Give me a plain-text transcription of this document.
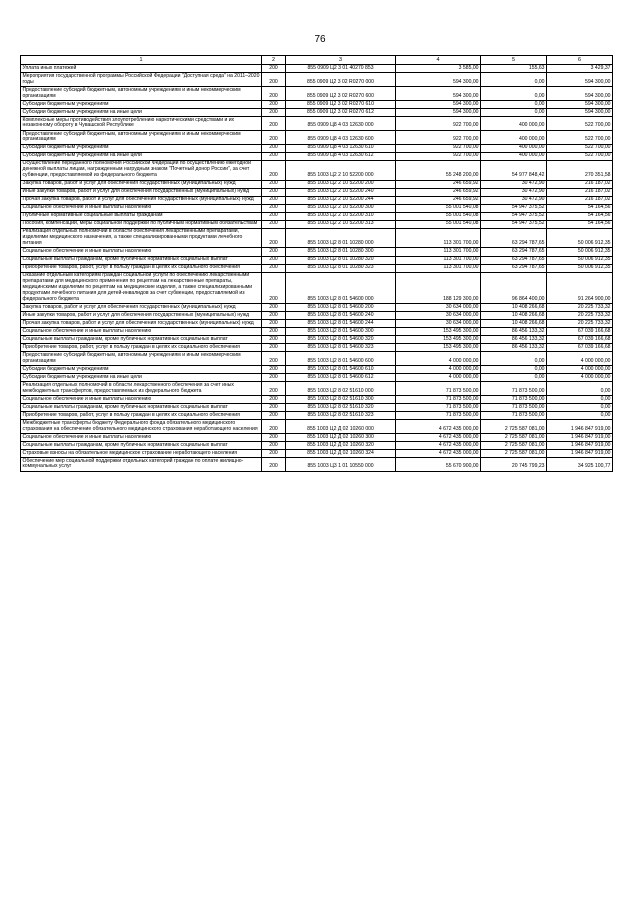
76
1	2	3	4	5	6
Уплата иных платежей	200	855 0909 Ц2 3 01 40270 853	3 585,00	155,63	3 429,37
Мероприятия государственной программы Российской Федерации "Доступная среда" на 2011–2020 годы	200	855 0909 Ц2 3 02 R0270 000	594 300,00	0,00	594 300,00
Предоставление субсидий бюджетным, автономным учреждениям и иным некоммерческим организациям	200	855 0909 Ц2 3 02 R0270 600	594 300,00	0,00	594 300,00
Субсидии бюджетным учреждениям	200	855 0909 Ц2 3 02 R0270 610	594 300,00	0,00	594 300,00
Субсидии бюджетным учреждениям на иные цели	200	855 0909 Ц2 3 02 R0270 612	594 300,00	0,00	594 300,00
Комплексные меры противодействия злоупотреблению наркотическими средствами и их незаконному обороту в Чувашской Республике	200	855 0909 Ц8 4 03 12630 000	922 700,00	400 000,00	522 700,00
Предоставление субсидий бюджетным, автономным учреждениям и иным некоммерческим организациям	200	855 0909 Ц8 4 03 12630 600	922 700,00	400 000,00	522 700,00
Субсидии бюджетным учреждениям	200	855 0909 Ц8 4 03 12630 610	922 700,00	400 000,00	522 700,00
Субсидии бюджетным учреждениям на иные цели	200	855 0909 Ц8 4 03 12630 612	922 700,00	400 000,00	522 700,00
Осуществление переданного полномочия Российской Федерации по осуществлению ежегодной денежной выплаты лицам, награжденным нагрудным знаком "Почетный донор России", за счет субвенции, предоставляемой из федерального бюджета	200	855 1003 Ц2 2 10 52200 000	55 248 200,00	54 977 848,42	270 351,58
Закупка товаров, работ и услуг для обеспечения государственных (муниципальных) нужд	200	855 1003 Ц2 2 10 52200 200	246 659,92	30 472,90	216 187,02
Иные закупки товаров, работ и услуг для обеспечения государственных (муниципальных) нужд	200	855 1003 Ц2 2 10 52200 240	246 659,92	30 472,90	216 187,02
Прочая закупка товаров, работ и услуг для обеспечения государственных (муниципальных) нужд	200	855 1003 Ц2 2 10 52200 244	246 659,92	30 472,90	216 187,02
Социальное обеспечение и иные выплаты населению	200	855 1003 Ц2 2 10 52200 300	55 001 540,08	54 947 375,52	54 164,56
Публичные нормативные социальные выплаты гражданам	200	855 1003 Ц2 2 10 52200 310	55 001 540,08	54 947 375,52	54 164,56
Пособия, компенсации, меры социальной поддержки по публичным нормативным обязательствам	200	855 1003 Ц2 2 10 52200 313	55 001 540,08	54 947 375,52	54 164,56
Реализация отдельных полномочий в области обеспечения лекарственными препаратами, изделиями медицинского назначения, а также специализированными продуктами лечебного питания	200	855 1003 Ц2 8 01 10280 000	113 301 700,00	63 294 787,65	50 006 912,35
Социальное обеспечение и иные выплаты населению	200	855 1003 Ц2 8 01 10280 300	113 301 700,00	63 294 787,65	50 006 912,35
Социальные выплаты гражданам, кроме публичных нормативных социальных выплат	200	855 1003 Ц2 8 01 10280 320	113 301 700,00	63 294 787,65	50 006 912,35
Приобретение товаров, работ, услуг в пользу граждан в целях их социального обеспечения	200	855 1003 Ц2 8 01 10280 323	113 301 700,00	63 294 787,65	50 006 912,35
Оказание отдельным категориям граждан социальной услуги по обеспечению лекарственными препаратами для медицинского применения по рецептам на лекарственные препараты, медицинскими изделиями по рецептам на медицинские изделия, а также специализированными продуктами лечебного питания для детей-инвалидов за счет субвенции, предоставляемой из федерального бюджета	200	855 1003 Ц2 8 01 54600 000	188 129 300,00	96 864 400,00	91 264 900,00
Закупка товаров, работ и услуг для обеспечения государственных (муниципальных) нужд	200	855 1003 Ц2 8 01 54600 200	30 634 000,00	10 408 266,68	20 225 733,32
Иные закупки товаров, работ и услуг для обеспечения государственных (муниципальных) нужд	200	855 1003 Ц2 8 01 54600 240	30 634 000,00	10 408 266,68	20 225 733,32
Прочая закупка товаров, работ и услуг для обеспечения государственных (муниципальных) нужд	200	855 1003 Ц2 8 01 54600 244	30 634 000,00	10 408 266,68	20 225 733,32
Социальное обеспечение и иные выплаты населению	200	855 1003 Ц2 8 01 54600 300	153 495 300,00	86 456 133,32	67 039 166,68
Социальные выплаты гражданам, кроме публичных нормативных социальных выплат	200	855 1003 Ц2 8 01 54600 320	153 495 300,00	86 456 133,32	67 039 166,68
Приобретение товаров, работ, услуг в пользу граждан в целях их социального обеспечения	200	855 1003 Ц2 8 01 54600 323	153 495 300,00	86 456 133,32	67 039 166,68
Предоставление субсидий бюджетным, автономным учреждениям и иным некоммерческим организациям	200	855 1003 Ц2 8 01 54600 600	4 000 000,00	0,00	4 000 000,00
Субсидии бюджетным учреждениям	200	855 1003 Ц2 8 01 54600 610	4 000 000,00	0,00	4 000 000,00
Субсидии бюджетным учреждениям на иные цели	200	855 1003 Ц2 8 01 54600 612	4 000 000,00	0,00	4 000 000,00
Реализация отдельных полномочий в области лекарственного обеспечения за счет иных межбюджетных трансфертов, предоставляемых из федерального бюджета	200	855 1003 Ц2 8 02 51610 000	71 873 500,00	71 873 500,00	0,00
Социальное обеспечение и иные выплаты населению	200	855 1003 Ц2 8 02 51610 300	71 873 500,00	71 873 500,00	0,00
Социальные выплаты гражданам, кроме публичных нормативных социальных выплат	200	855 1003 Ц2 8 02 51610 320	71 873 500,00	71 873 500,00	0,00
Приобретение товаров, работ, услуг в пользу граждан в целях их социального обеспечения	200	855 1003 Ц2 8 02 51610 323	71 873 500,00	71 873 500,00	0,00
Межбюджетные трансферты бюджету Федерального фонда обязательного медицинского страхования на обеспечение обязательного медицинского страхования неработающего населения	200	855 1003 Ц2 Д 02 10260 000	4 672 435 000,00	2 725 587 081,00	1 946 847 919,00
Социальное обеспечение и иные выплаты населению	200	855 1003 Ц2 Д 02 10260 300	4 672 435 000,00	2 725 587 081,00	1 946 847 919,00
Социальные выплаты гражданам, кроме публичных нормативных социальных выплат	200	855 1003 Ц2 Д 02 10260 320	4 672 435 000,00	2 725 587 081,00	1 946 847 919,00
Страховые взносы на обязательное медицинское страхование неработающего населения	200	855 1003 Ц2 Д 02 10260 324	4 672 435 000,00	2 725 587 081,00	1 946 847 919,00
Обеспечение мер социальной поддержки отдельных категорий граждан по оплате жилищно-коммунальных услуг	200	855 1003 Ц3 1 01 10550 000	55 670 900,00	20 745 799,23	34 925 100,77
